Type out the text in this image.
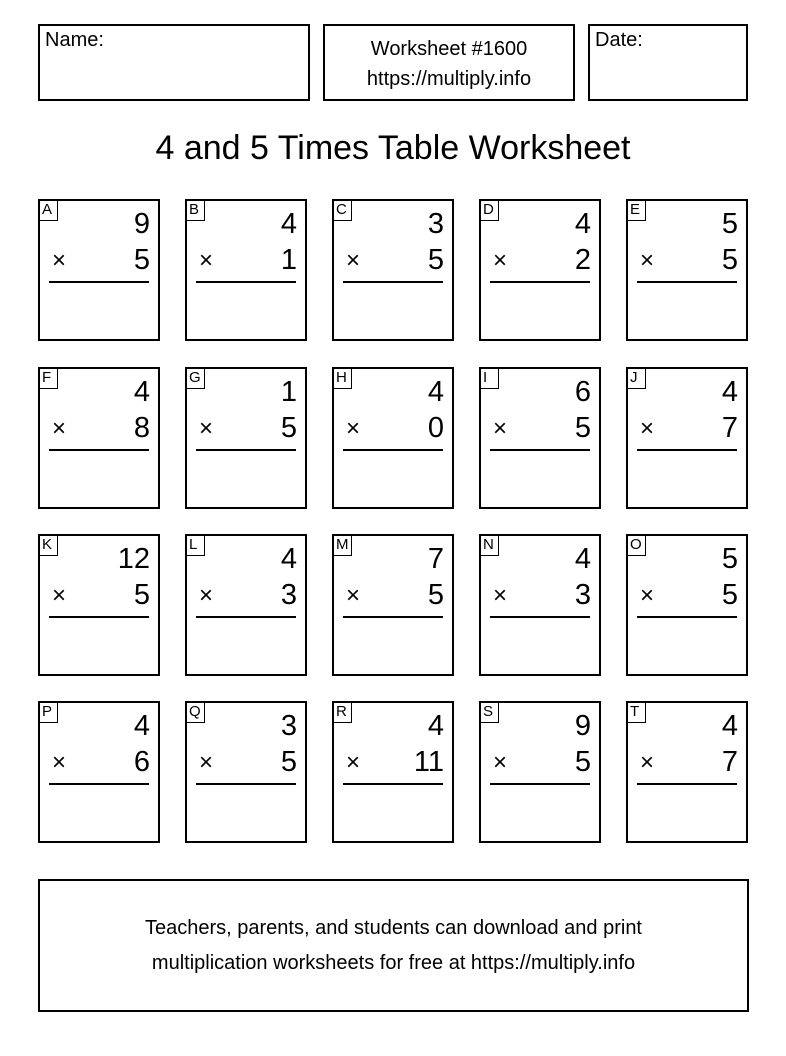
Name:	Worksheet #1600
https://multiply.info
Date:
4 and 5 Times Table Worksheet
A	9
× 5
B	4
× 1
C	3
× 5
D	4
× 2
E	5
× 5
F	4
× 8
G	1
× 5
H	4
× 0
I	6
× 5
J	4
× 7
K 12
× 5
L	4
× 3
M	7
× 5
N	4
× 3
O	5
× 5
P	4
× 6
Q	3
× 5
R	4
× 11
S	9
× 5
T	4
× 7
Teachers, parents, and students can download and print
multiplication worksheets for free at https://multiply.info
